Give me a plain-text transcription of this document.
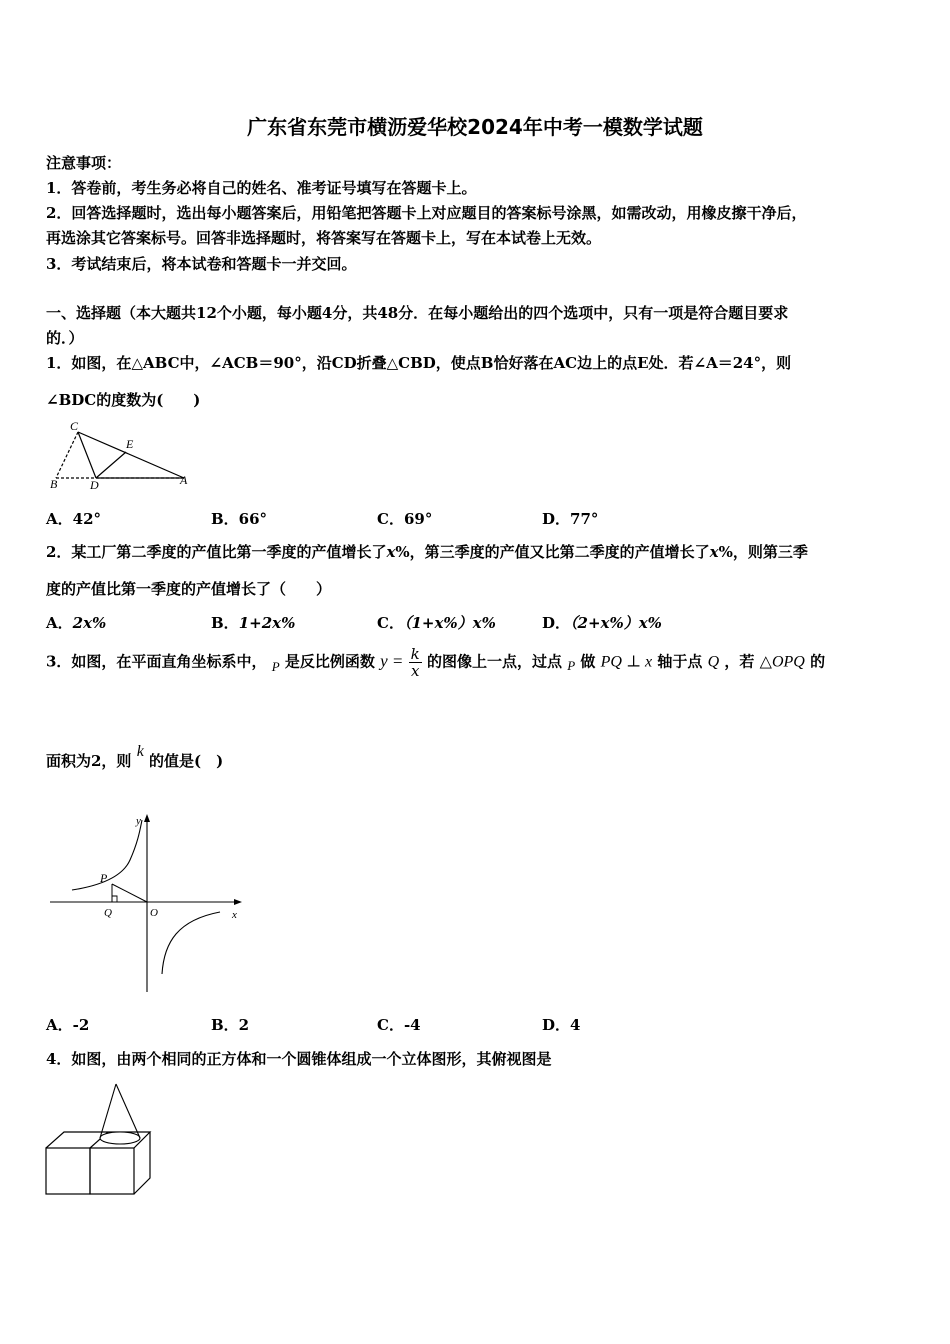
广东省东莞市横沥爱华校2024年中考一模数学试题
注意事项：
1．答卷前，考生务必将自己的姓名、准考证号填写在答题卡上。
2．回答选择题时，选出每小题答案后，用铅笔把答题卡上对应题目的答案标号涂黑，如需改动，用橡皮擦干净后，
再选涂其它答案标号。回答非选择题时，将答案写在答题卡上，写在本试卷上无效。
3．考试结束后，将本试卷和答题卡一并交回。
一、选择题（本大题共12个小题，每小题4分，共48分．在每小题给出的四个选项中，只有一项是符合题目要求
的．）
1．如图，在△ABC中，∠ACB＝90°，沿CD折叠△CBD，使点B恰好落在AC边上的点E处．若∠A＝24°，则
∠BDC的度数为(　　)
C
E
B	D	A
A．42°	B．66°	C．69°	D．77°
2．某工厂第二季度的产值比第一季度的产值增长了x%，第三季度的产值又比第二季度的产值增长了x%，则第三季
度的产值比第一季度的产值增长了（　　）
A．2x%	B．1+2x%	C．（1+x%）x%	D．（2+x%）x%
3．如图，在平面直角坐标系中， P 是反比例函数 $y = \frac{k}{x}$ 的图像上一点，过点 P 做 PQ ⊥ x 轴于点 Q ，若 △OPQ 的
面积为2，则 k 的值是(　)
y
P
Q	O	x
A．-2	B．2	C．-4	D．4
4．如图，由两个相同的正方体和一个圆锥体组成一个立体图形，其俯视图是
